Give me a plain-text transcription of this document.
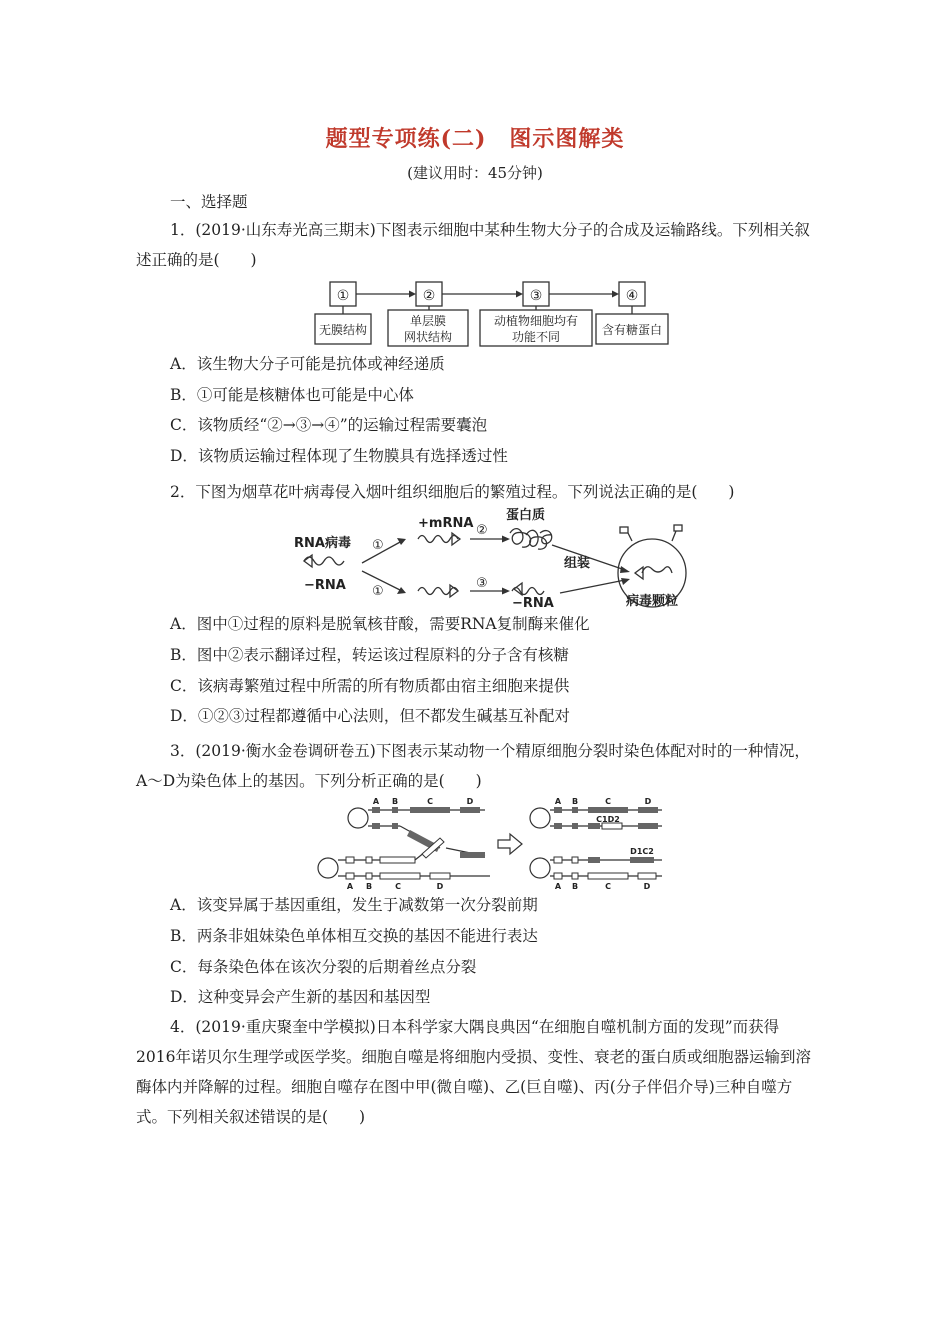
题型专项练(二)　图示图解类
(建议用时：45分钟)
一、选择题
1．(2019·山东寿光高三期末)下图表示细胞中某种生物大分子的合成及运输路线。下列相关叙述正确的是(　　)
①	②	③	④
无膜结构
单层膜
网状结构
动植物细胞均有
功能不同	含有糖蛋白
A．该生物大分子可能是抗体或神经递质
B．①可能是核糖体也可能是中心体
C．该物质经“②→③→④”的运输过程需要囊泡
D．该物质运输过程体现了生物膜具有选择透过性
2．下图为烟草花叶病毒侵入烟叶组织细胞后的繁殖过程。下列说法正确的是(　　)
RNA病毒
−RNA
+mRNA
蛋白质
组装
−RNA	病毒颗粒
①
①
②
③
A．图中①过程的原料是脱氧核苷酸，需要RNA复制酶来催化
B．图中②表示翻译过程，转运该过程原料的分子含有核糖
C．该病毒繁殖过程中所需的所有物质都由宿主细胞来提供
D．①②③过程都遵循中心法则，但不都发生碱基互补配对
3．(2019·衡水金卷调研卷五)下图表示某动物一个精原细胞分裂时染色体配对时的一种情况，A～D为染色体上的基因。下列分析正确的是(　　)
A B	C	D
A B	C	D
A B	C	D
C1D2
D1C2
A B	C	D
A．该变异属于基因重组，发生于减数第一次分裂前期
B．两条非姐妹染色单体相互交换的基因不能进行表达
C．每条染色体在该次分裂的后期着丝点分裂
D．这种变异会产生新的基因和基因型
4．(2019·重庆聚奎中学模拟)日本科学家大隅良典因“在细胞自噬机制方面的发现”而获得2016年诺贝尔生理学或医学奖。细胞自噬是将细胞内受损、变性、衰老的蛋白质或细胞器运输到溶酶体内并降解的过程。细胞自噬存在图中甲(微自噬)、乙(巨自噬)、丙(分子伴侣介导)三种自噬方式。下列相关叙述错误的是(　　)
